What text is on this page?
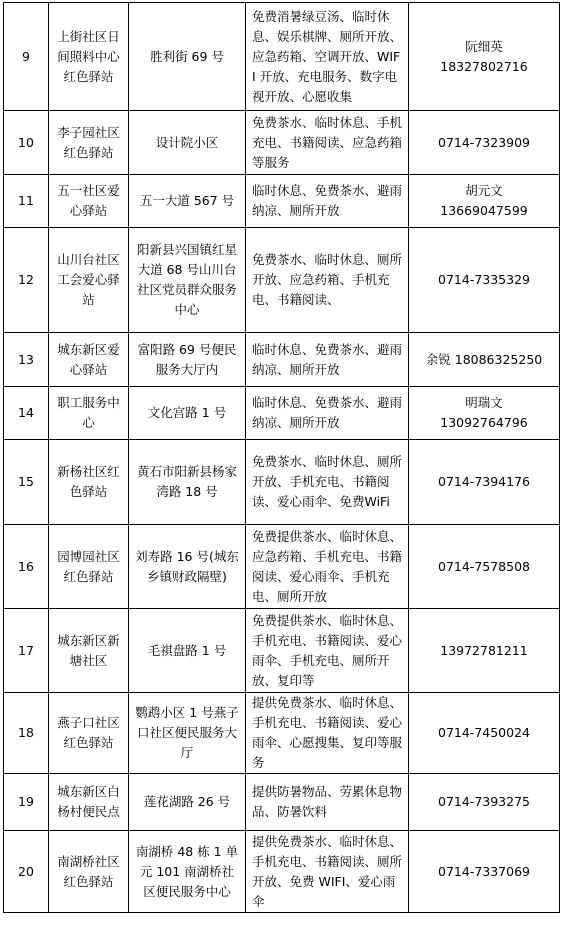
9	上街社区日间照料中心红色驿站	胜利街 69 号	免费消暑绿豆汤、临时休息、娱乐棋牌、厕所开放、应急药箱、空调开放、WIFI 开放、充电服务、数字电视开放、心愿收集	阮细英
18327802716

10	李子园社区红色驿站	设计院小区	免费茶水、临时休息、手机充电、书籍阅读、应急药箱等服务	0714-7323909

11	五一社区爱心驿站	五一大道 567 号	临时休息、免费茶水、避雨纳凉、厕所开放	胡元文
13669047599

12	山川台社区工会爱心驿站	阳新县兴国镇红星大道 68 号山川台社区党员群众服务中心	免费茶水、临时休息、厕所开放、应急药箱、手机充电、书籍阅读、	0714-7335329

13	城东新区爱心驿站	富阳路 69 号便民服务大厅内	临时休息、免费茶水、避雨纳凉、厕所开放	余锐 18086325250

14	职工服务中心	文化宫路 1 号	临时休息、免费茶水、避雨纳凉、厕所开放	明瑞文
13092764796

15	新杨社区红色驿站	黄石市阳新县杨家湾路 18 号	免费茶水、临时休息、厕所开放、手机充电、书籍阅读、爱心雨伞、免费WiFi	0714-7394176

16	园博园社区红色驿站	刘寿路 16 号(城东乡镇财政隔壁)	免费提供茶水、临时休息、应急药箱、手机充电、书籍阅读、爱心雨伞、手机充电、厕所开放	0714-7578508

17	城东新区新塘社区	毛祺盘路 1 号	免费提供茶水、临时休息、手机充电、书籍阅读、爱心雨伞、手机充电、厕所开放、复印等	13972781211

18	燕子口社区红色驿站	鹦鹉小区 1 号燕子口社区便民服务大厅	提供免费茶水、临时休息、手机充电、书籍阅读、爱心雨伞、心愿搜集、复印等服务	0714-7450024

19	城东新区白杨村便民点	莲花湖路 26 号	提供防暑物品、劳累休息物品、防暑饮料	0714-7393275

20	南湖桥社区红色驿站	南湖桥 48 栋 1 单元 101 南湖桥社区便民服务中心	提供免费茶水、临时休息、手机充电、书籍阅读、厕所开放、免费 WIFI、爱心雨伞	0714-7337069
